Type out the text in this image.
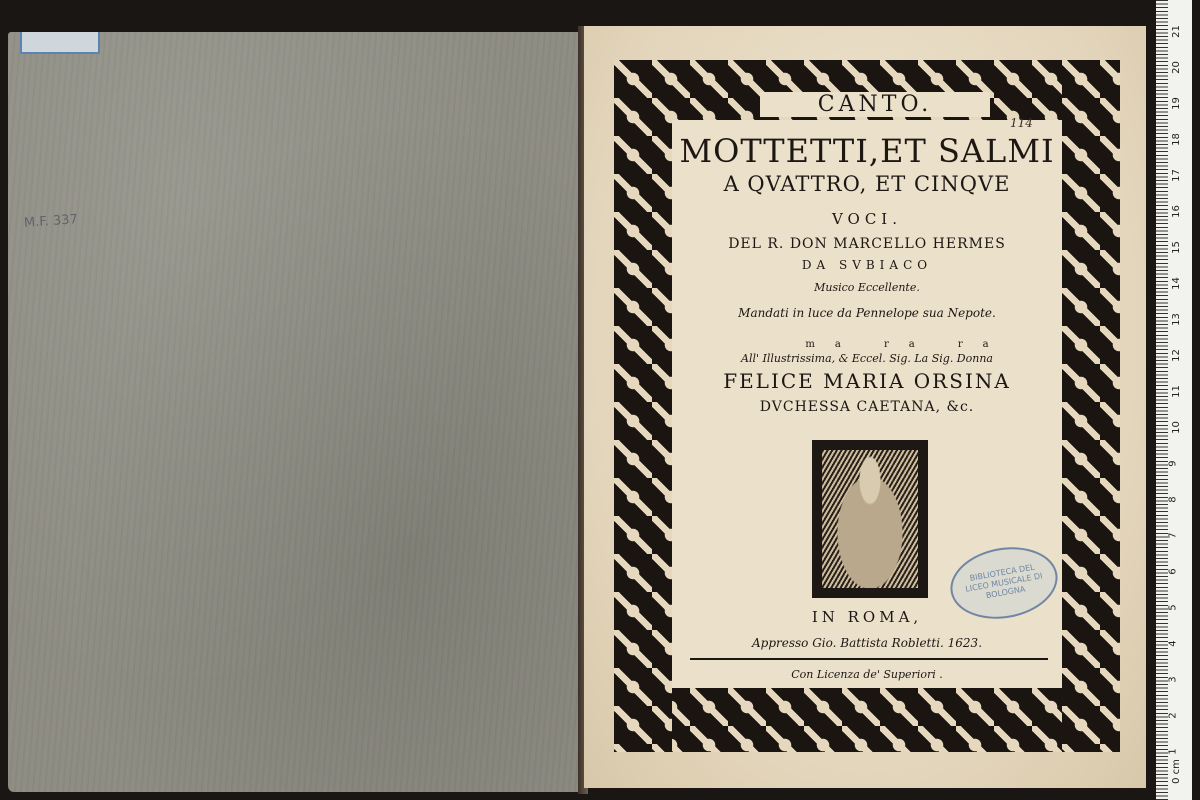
M.F. 337
CANTO.
114
MOTTETTI,ET SALMI
A QVATTRO, ET CINQVE
VOCI.
DEL R. DON MARCELLO HERMES
DA SVBIACO
Musico Eccellente.
Mandati in luce da Pennelope sua Nepote.
ma ra ra
All' Illustrissima, & Eccel. Sig. La Sig. Donna
FELICE MARIA ORSINA
DVCHESSA CAETANA, &c.
BIBLIOTECA DEL LICEO MUSICALE DI BOLOGNA
IN ROMA,
Appresso Gio. Battista Robletti. 1623.
Con Licenza de' Superiori .
21
20
19
18
17
16
15
14
13
12
11
10
9
8
7
6
5
4
3
2
1
0 cm
